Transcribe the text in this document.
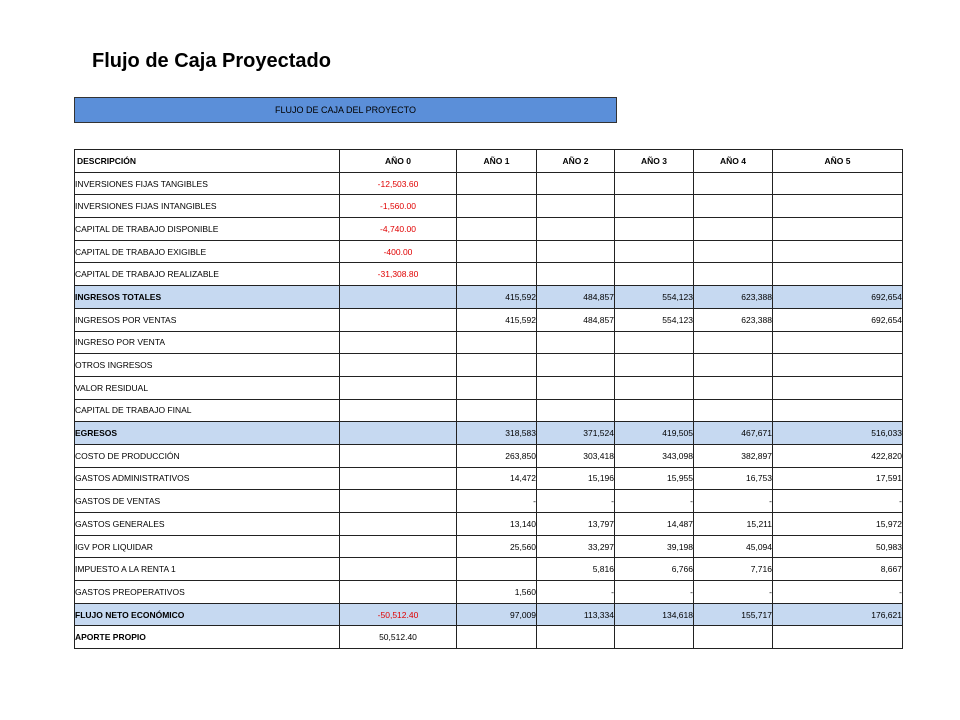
Flujo de Caja Proyectado
FLUJO DE CAJA DEL PROYECTO
DESCRIPCIÓN	AÑO 0	AÑO 1	AÑO 2	AÑO 3	AÑO 4	AÑO 5
INVERSIONES FIJAS TANGIBLES	-12,503.60					
INVERSIONES FIJAS INTANGIBLES	-1,560.00					
CAPITAL DE TRABAJO DISPONIBLE	-4,740.00					
CAPITAL DE TRABAJO EXIGIBLE	-400.00					
CAPITAL DE TRABAJO REALIZABLE	-31,308.80					
INGRESOS TOTALES		415,592	484,857	554,123	623,388	692,654
INGRESOS POR VENTAS		415,592	484,857	554,123	623,388	692,654
INGRESO POR VENTA						
OTROS INGRESOS						
VALOR RESIDUAL						
CAPITAL DE TRABAJO FINAL						
EGRESOS		318,583	371,524	419,505	467,671	516,033
COSTO DE PRODUCCIÓN		263,850	303,418	343,098	382,897	422,820
GASTOS ADMINISTRATIVOS		14,472	15,196	15,955	16,753	17,591
GASTOS DE VENTAS		-	-	-	-	-
GASTOS GENERALES		13,140	13,797	14,487	15,211	15,972
IGV POR LIQUIDAR		25,560	33,297	39,198	45,094	50,983
IMPUESTO A LA RENTA 1			5,816	6,766	7,716	8,667
GASTOS PREOPERATIVOS		1,560	-	-	-	-
FLUJO NETO ECONÓMICO	-50,512.40	97,009	113,334	134,618	155,717	176,621
APORTE PROPIO	50,512.40					
